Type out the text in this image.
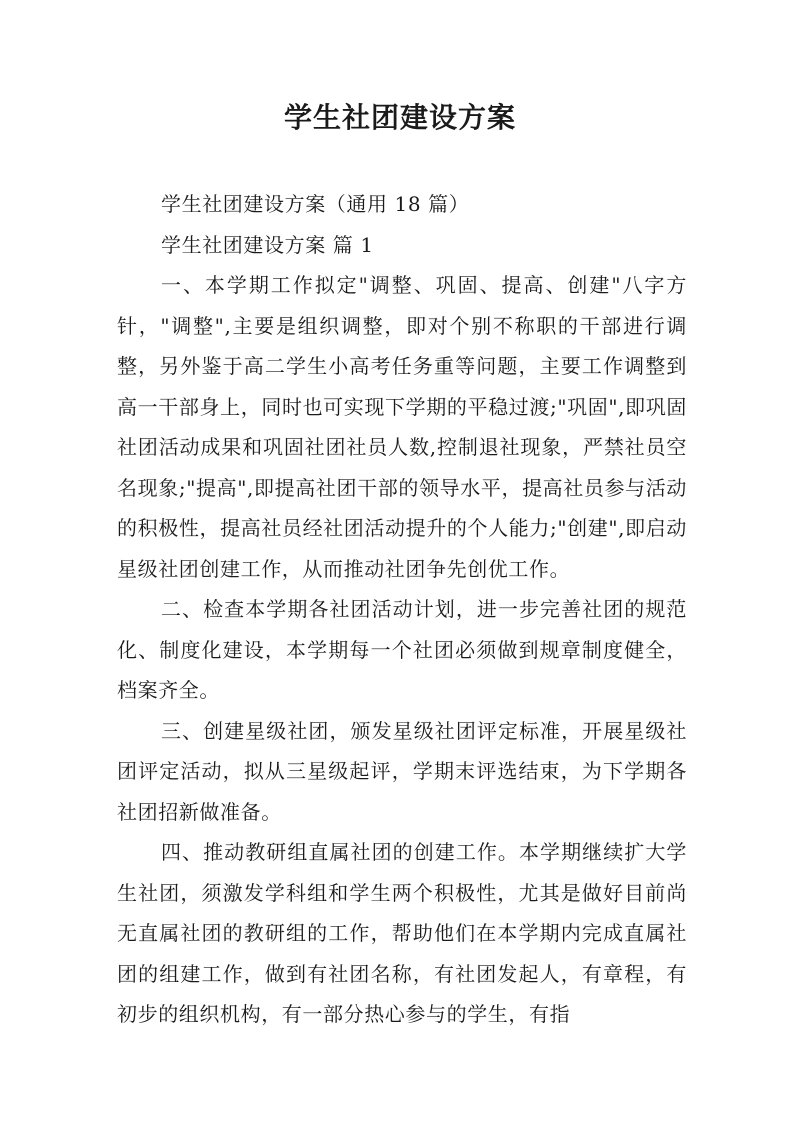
学生社团建设方案

学生社团建设方案（通用 18 篇）

学生社团建设方案 篇 1

一、本学期工作拟定"调整、巩固、提高、创建"八字方针，"调整",主要是组织调整，即对个别不称职的干部进行调整，另外鉴于高二学生小高考任务重等问题，主要工作调整到高一干部身上，同时也可实现下学期的平稳过渡;"巩固",即巩固社团活动成果和巩固社团社员人数,控制退社现象，严禁社员空名现象;"提高",即提高社团干部的领导水平，提高社员参与活动的积极性，提高社员经社团活动提升的个人能力;"创建",即启动星级社团创建工作，从而推动社团争先创优工作。

二、检查本学期各社团活动计划，进一步完善社团的规范化、制度化建设，本学期每一个社团必须做到规章制度健全，档案齐全。

三、创建星级社团，颁发星级社团评定标准，开展星级社团评定活动，拟从三星级起评，学期末评选结束，为下学期各社团招新做准备。

四、推动教研组直属社团的创建工作。本学期继续扩大学生社团，须激发学科组和学生两个积极性，尤其是做好目前尚无直属社团的教研组的工作，帮助他们在本学期内完成直属社团的组建工作，做到有社团名称，有社团发起人，有章程，有初步的组织机构，有一部分热心参与的学生，有指
